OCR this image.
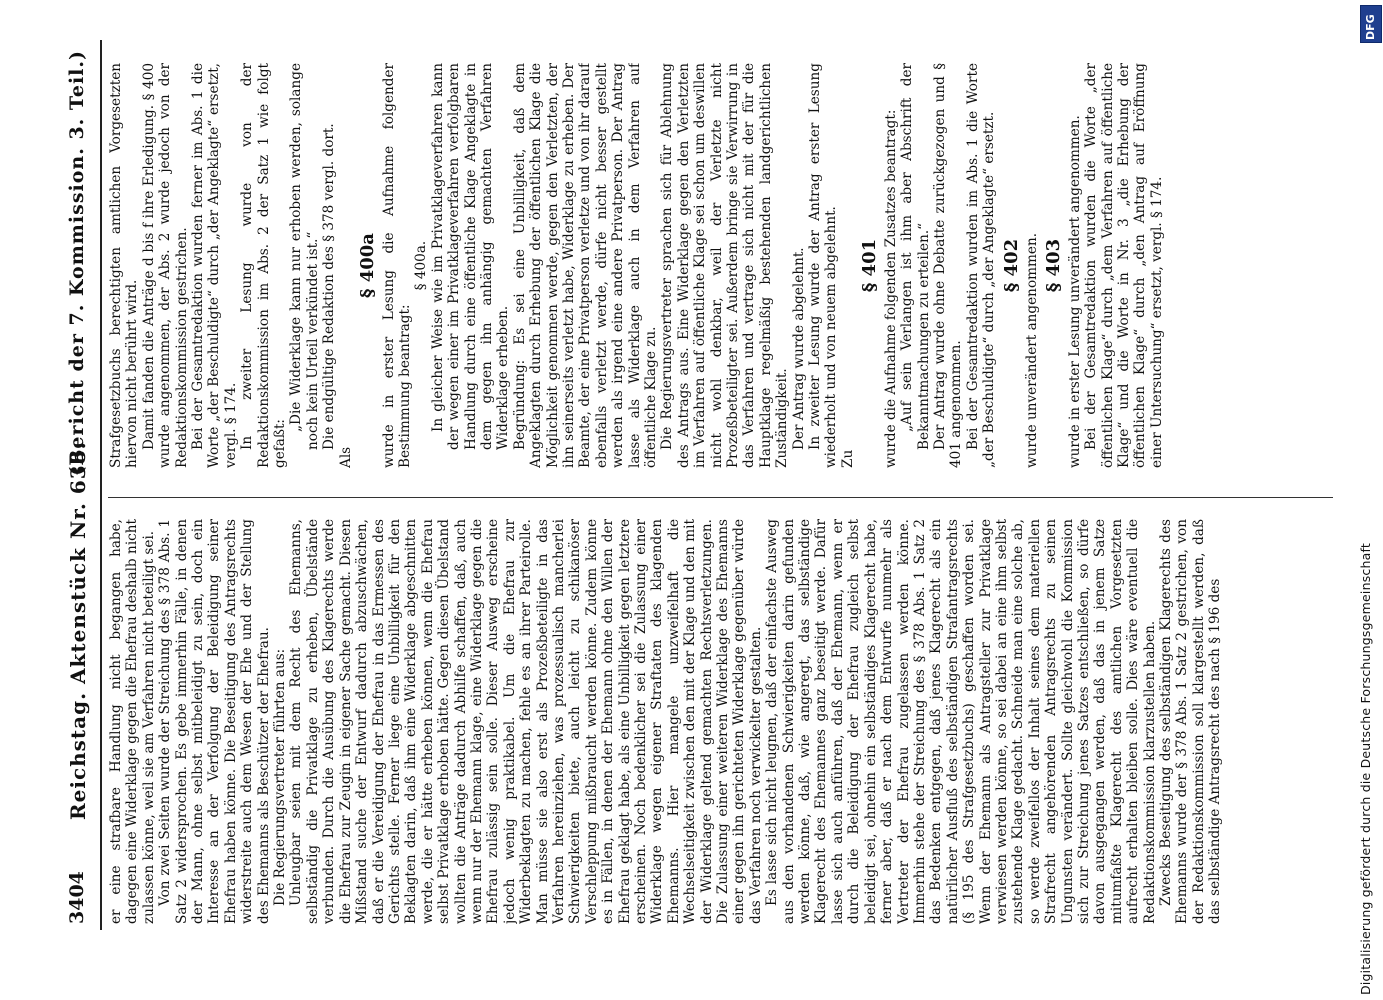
3404
Reichstag. Aktenstück Nr. 638.
(Bericht der 7. Kommission. 3. Teil.)

er eine strafbare Handlung nicht begangen habe, dagegen eine Widerklage gegen die Ehefrau deshalb nicht zulassen könne, weil sie am Verfahren nicht beteiligt sei. Von zwei Seiten wurde der Streichung des § 378 Abs. 1 Satz 2 widersprochen. Es gebe immerhin Fälle, in denen der Mann, ohne selbst mitbeleidigt zu sein, doch ein Interesse an der Verfolgung der Beleidigung seiner Ehefrau haben könne. Die Beseitigung des Antragsrechts widerstreite auch dem Wesen der Ehe und der Stellung des Ehemanns als Beschützer der Ehefrau. Die Regierungsvertreter führten aus: Unleugbar seien mit dem Recht des Ehemanns, selbständig die Privatklage zu erheben, Übelstände verbunden. Durch die Ausübung des Klagerechts werde die Ehefrau zur Zeugin in eigener Sache gemacht. Diesen Mißstand suche der Entwurf dadurch abzuschwächen, daß er die Vereidigung der Ehefrau in das Ermessen des Gerichts stelle. Ferner liege eine Unbilligkeit für den Beklagten darin, daß ihm eine Widerklage abgeschnitten werde, die er hätte erheben können, wenn die Ehefrau selbst Privatklage erhoben hätte. Gegen diesen Übelstand wollten die Anträge dadurch Abhilfe schaffen, daß, auch wenn nur der Ehemann klage, eine Widerklage gegen die Ehefrau zulässig sein solle. Dieser Ausweg erscheine jedoch wenig praktikabel. Um die Ehefrau zur Widerbeklagten zu machen, fehle es an ihrer Parteirolle. Man müsse sie also erst als Prozeßbeteiligte in das Verfahren hereinziehen, was prozessualisch mancherlei Schwierigkeiten biete, auch leicht zu schikanöser Verschleppung mißbraucht werden könne. Zudem könne es in Fällen, in denen der Ehemann ohne den Willen der Ehefrau geklagt habe, als eine Unbilligkeit gegen letztere erscheinen. Noch bedenklicher sei die Zulassung einer Widerklage wegen eigener Straftaten des klagenden Ehemanns. Hier mangele unzweifelhaft die Wechselseitigkeit zwischen den mit der Klage und den mit der Widerklage geltend gemachten Rechtsverletzungen. Die Zulassung einer weiteren Widerklage des Ehemanns einer gegen ihn gerichteten Widerklage gegenüber würde das Verfahren noch verwickelter gestalten. Es lasse sich nicht leugnen, daß der einfachste Ausweg aus den vorhandenen Schwierigkeiten darin gefunden werden könne, daß, wie angeregt, das selbständige Klagerecht des Ehemannes ganz beseitigt werde. Dafür lasse sich auch anführen, daß der Ehemann, wenn er durch die Beleidigung der Ehefrau zugleich selbst beleidigt sei, ohnehin ein selbständiges Klagerecht habe, ferner aber, daß er nach dem Entwurfe nunmehr als Vertreter der Ehefrau zugelassen werden könne. Immerhin stehe der Streichung des § 378 Abs. 1 Satz 2 das Bedenken entgegen, daß jenes Klagerecht als ein natürlicher Ausfluß des selbständigen Strafantragsrechts (§ 195 des Strafgesetzbuchs) geschaffen worden sei. Wenn der Ehemann als Antragsteller zur Privatklage verwiesen werden könne, so sei dabei an eine ihm selbst zustehende Klage gedacht. Schneide man eine solche ab, so werde zweifellos der Inhalt seines dem materiellen Strafrecht angehörenden Antragsrechts zu seinen Ungunsten verändert. Sollte gleichwohl die Kommission sich zur Streichung jenes Satzes entschließen, so dürfe davon ausgegangen werden, daß das in jenem Satze mitumfaßte Klagerecht des amtlichen Vorgesetzten aufrecht erhalten bleiben solle. Dies wäre eventuell die Redaktionskommission klarzustellen haben. Zwecks Beseitigung des selbständigen Klagerechts des Ehemanns wurde der § 378 Abs. 1 Satz 2 gestrichen, von der Redaktionskommission soll klargestellt werden, daß das selbständige Antragsrecht des nach § 196 des

Strafgesetzbuchs berechtigten amtlichen Vorgesetzten hiervon nicht berührt wird. Damit fanden die Anträge d bis f ihre Erledigung. § 400 wurde angenommen, der Abs. 2 wurde jedoch von der Redaktionskommission gestrichen. Bei der Gesamtredaktion wurden ferner im Abs. 1 die Worte „der Beschuldigte“ durch „der Angeklagte“ ersetzt, vergl. § 174. In zweiter Lesung wurde von der Redaktionskommission im Abs. 2 der Satz 1 wie folgt gefaßt:

„Die Widerklage kann nur erhoben werden, solange noch kein Urteil verkündet ist.“ Die endgültige Redaktion des § 378 vergl. dort.

Als

§ 400a wurde in erster Lesung die Aufnahme folgender Bestimmung beantragt:

§ 400a. In gleicher Weise wie im Privatklageverfahren kann der wegen einer im Privatklageverfahren verfolgbaren Handlung durch eine öffentliche Klage Angeklagte in dem gegen ihn anhängig gemachten Verfahren Widerklage erheben. Begründung: Es sei eine Unbilligkeit, daß dem Angeklagten durch Erhebung der öffentlichen Klage die Möglichkeit genommen werde, gegen den Verletzten, der ihn seinerseits verletzt habe, Widerklage zu erheben. Der Beamte, der eine Privatperson verletze und von ihr darauf ebenfalls verletzt werde, dürfe nicht besser gestellt werden als irgend eine andere Privatperson. Der Antrag lasse als Widerklage auch in dem Verfahren auf öffentliche Klage zu. Die Regierungsvertreter sprachen sich für Ablehnung des Antrags aus. Eine Widerklage gegen den Verletzten im Verfahren auf öffentliche Klage sei schon um deswillen nicht wohl denkbar, weil der Verletzte nicht Prozeßbeteiligter sei. Außerdem bringe sie Verwirrung in das Verfahren und vertrage sich nicht mit der für die Hauptklage regelmäßig bestehenden landgerichtlichen Zuständigkeit. Der Antrag wurde abgelehnt. In zweiter Lesung wurde der Antrag erster Lesung wiederholt und von neuem abgelehnt. Zu

§ 401 wurde die Aufnahme folgenden Zusatzes beantragt: „Auf sein Verlangen ist ihm aber Abschrift der Bekanntmachungen zu erteilen.“ Der Antrag wurde ohne Debatte zurückgezogen und § 401 angenommen. Bei der Gesamtredaktion wurden im Abs. 1 die Worte „der Beschuldigte“ durch „der Angeklagte“ ersetzt. § 402 wurde unverändert angenommen. § 403 wurde in erster Lesung unverändert angenommen. Bei der Gesamtredaktion wurden die Worte „der öffentlichen Klage“ durch „dem Verfahren auf öffentliche Klage“ und die Worte in Nr. 3 „die Erhebung der öffentlichen Klage“ durch „den Antrag auf Eröffnung einer Untersuchung“ ersetzt, vergl. § 174.

DFG
Digitalisierung gefördert durch die Deutsche Forschungsgemeinschaft
